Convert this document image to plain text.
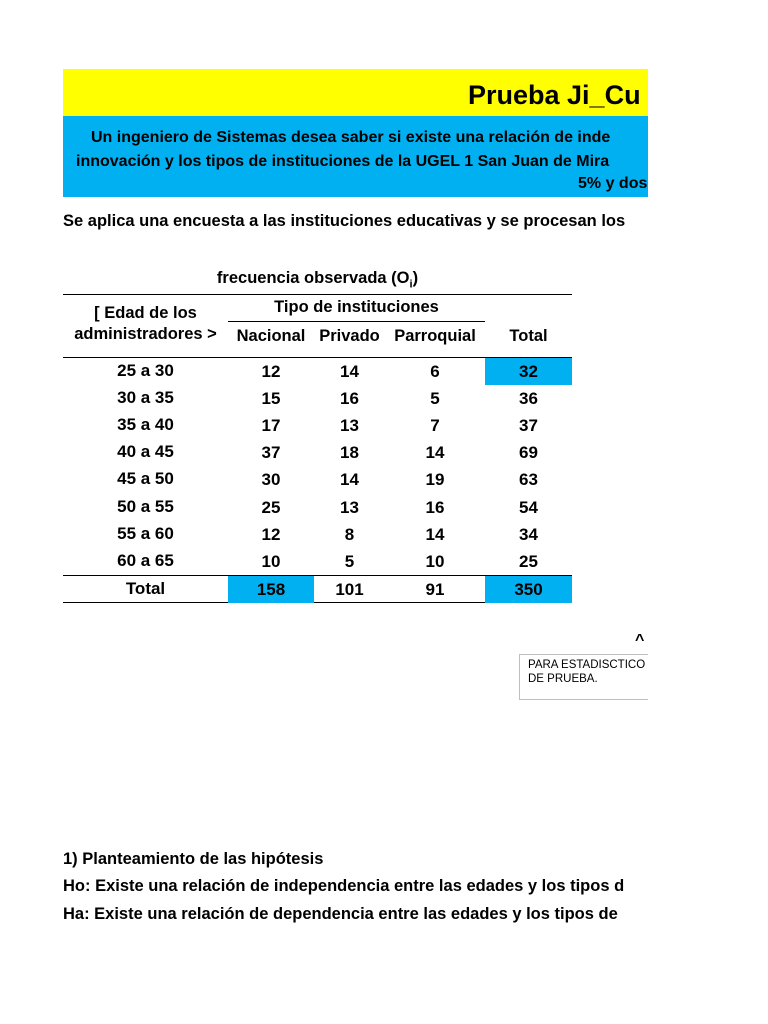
Prueba Ji_Cu
Un ingeniero de Sistemas desea saber si existe una relación de inde
innovación y los tipos de instituciones de la UGEL 1 San Juan de Mira
5% y dos
Se aplica una encuesta a las instituciones educativas y se procesan los
frecuencia observada $(O_i)$
[ Edad de los
administradores >
Tipo de instituciones
Nacional Privado Parroquial	Total
25 a 30	12	14	6	32
30 a 35	15	16	5	36
35 a 40	17	13	7	37
40 a 45	37	18	14	69
45 a 50	30	14	19	63
50 a 55	25	13	16	54
55 a 60	12	8	14	34
60 a 65	10	5	10	25
Total	158	101	91	350
^
PARA ESTADISCTICO
DE PRUEBA.
1) Planteamiento de las hipótesis
Ho: Existe una relación de independencia entre las edades y los tipos d
Ha: Existe una relación de dependencia entre las edades y los tipos de
